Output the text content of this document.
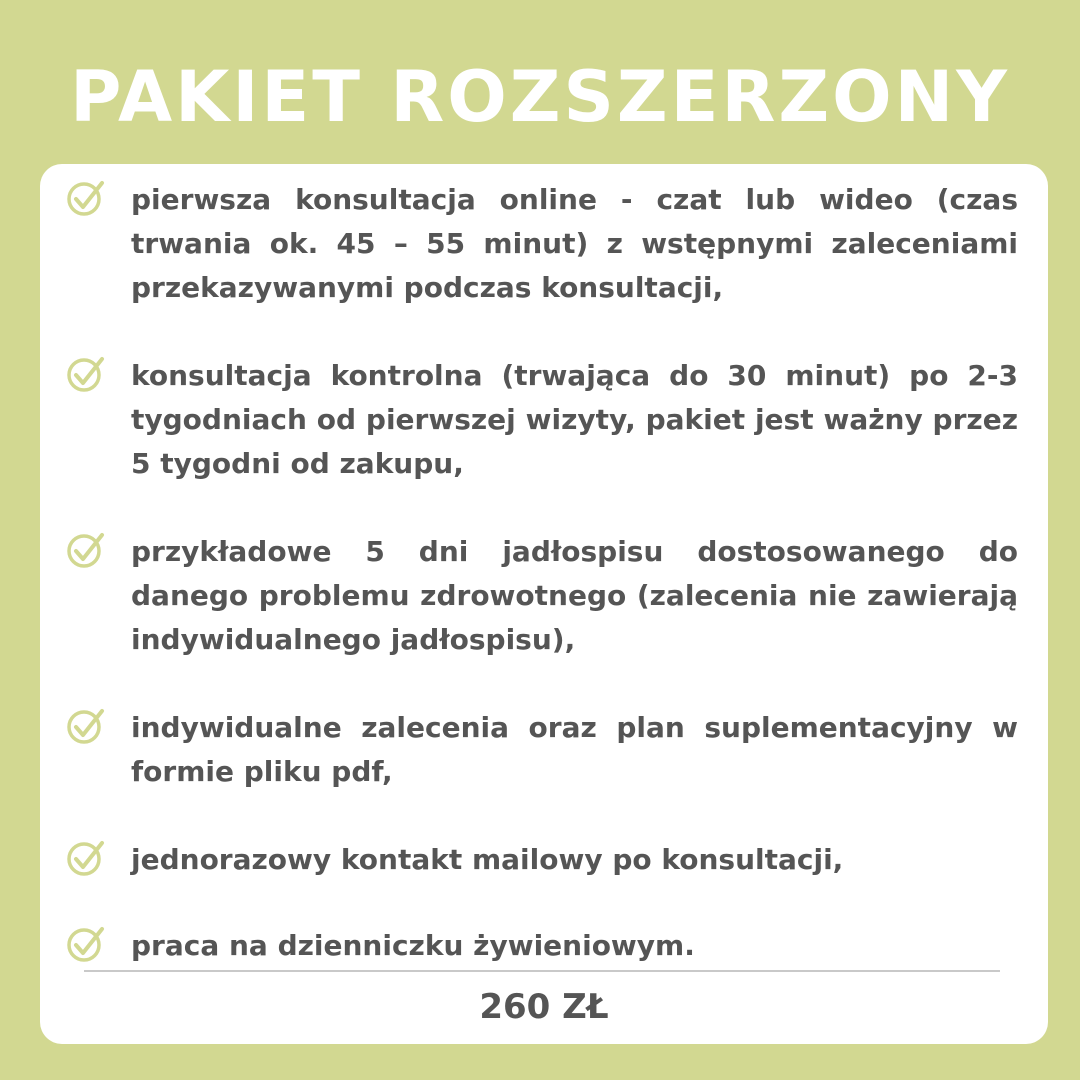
PAKIET ROZSZERZONY

pierwsza konsultacja online - czat lub wideo (czas trwania ok. 45 – 55 minut) z wstępnymi zaleceniami przekazywanymi podczas konsultacji,

konsultacja kontrolna (trwająca do 30 minut) po 2-3 tygodniach od pierwszej wizyty, pakiet jest ważny przez 5 tygodni od zakupu,

przykładowe 5 dni jadłospisu dostosowanego do danego problemu zdrowotnego (zalecenia nie zawierają indywidualnego jadłospisu),

indywidualne zalecenia oraz plan suplementacyjny w formie pliku pdf,

jednorazowy kontakt mailowy po konsultacji,

praca na dzienniczku żywieniowym.

260 ZŁ
